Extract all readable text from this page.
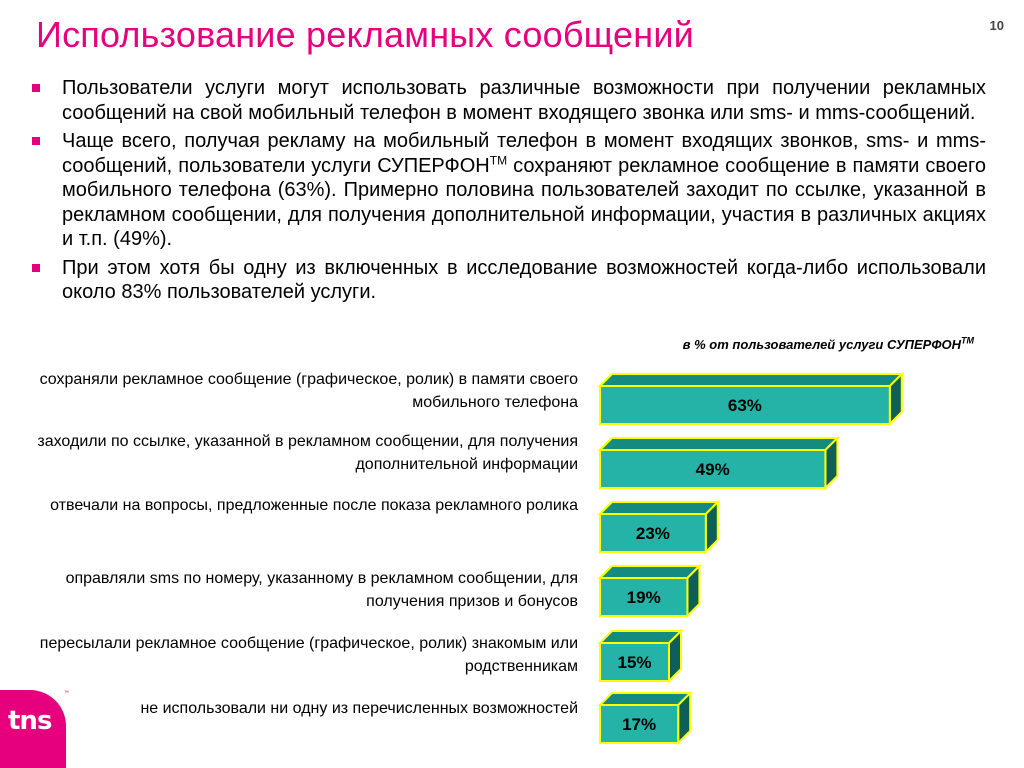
Использование рекламных сообщений	10
Пользователи услуги могут использовать различные возможности при получении рекламных сообщений на свой мобильный телефон в момент входящего звонка или sms- и mms-сообщений.
Чаще всего, получая рекламу на мобильный телефон в момент входящих звонков, sms- и mms-сообщений, пользователи услуги СУПЕРФОН™ сохраняют рекламное сообщение в памяти своего мобильного телефона (63%). Примерно половина пользователей заходит по ссылке, указанной в рекламном сообщении, для получения дополнительной информации, участия в различных акциях и т.п. (49%).
При этом хотя бы одну из включенных в исследование возможностей когда-либо использовали около 83% пользователей услуги.
в % от пользователей услуги СУПЕРФОН™
сохраняли рекламное сообщение (графическое, ролик) в памяти своего мобильного телефона
заходили по ссылке, указанной в рекламном сообщении, для получения дополнительной информации
отвечали на вопросы, предложенные после показа рекламного ролика
оправляли sms по номеру, указанному в рекламном сообщении, для получения призов и бонусов
пересылали рекламное сообщение (графическое, ролик) знакомым или родственникам
не использовали ни одну из перечисленных возможностей
63%
49%
23%
19%
15%
17%
tns
™
